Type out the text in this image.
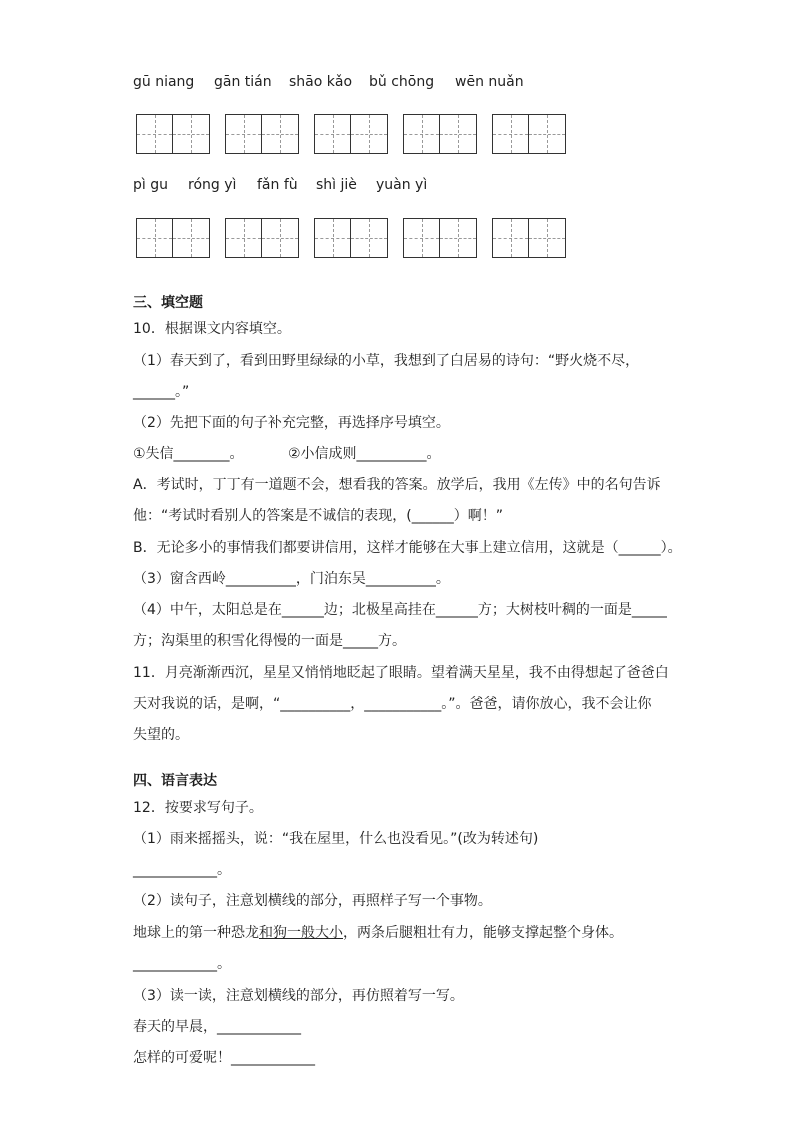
gū niang gān tián shāo kǎo bǔ chōng wēn nuǎn
pì gu róng yì fǎn fù shì jiè yuàn yì
三、填空题
10．根据课文内容填空。
（1）春天到了，看到田野里绿绿的小草，我想到了白居易的诗句：“野火烧不尽，
______。”
（2）先把下面的句子补充完整，再选择序号填空。
①失信________。	②小信成则__________。
A．考试时，丁丁有一道题不会，想看我的答案。放学后，我用《左传》中的名句告诉
他：“考试时看别人的答案是不诚信的表现，(______）啊！”
B．无论多小的事情我们都要讲信用，这样才能够在大事上建立信用，这就是（______）。
（3）窗含西岭__________，门泊东吴__________。
（4）中午，太阳总是在______边；北极星高挂在______方；大树枝叶稠的一面是_____
方；沟渠里的积雪化得慢的一面是_____方。
11．月亮渐渐西沉，星星又悄悄地眨起了眼睛。望着满天星星，我不由得想起了爸爸白
天对我说的话，是啊，“__________，___________。”。爸爸，请你放心，我不会让你
失望的。
四、语言表达
12．按要求写句子。
（1）雨来摇摇头，说：“我在屋里，什么也没看见。”(改为转述句)
____________。
（2）读句子，注意划横线的部分，再照样子写一个事物。
地球上的第一种恐龙和狗一般大小，两条后腿粗壮有力，能够支撑起整个身体。
____________。
（3）读一读，注意划横线的部分，再仿照着写一写。
春天的早晨，____________
怎样的可爱呢！____________
